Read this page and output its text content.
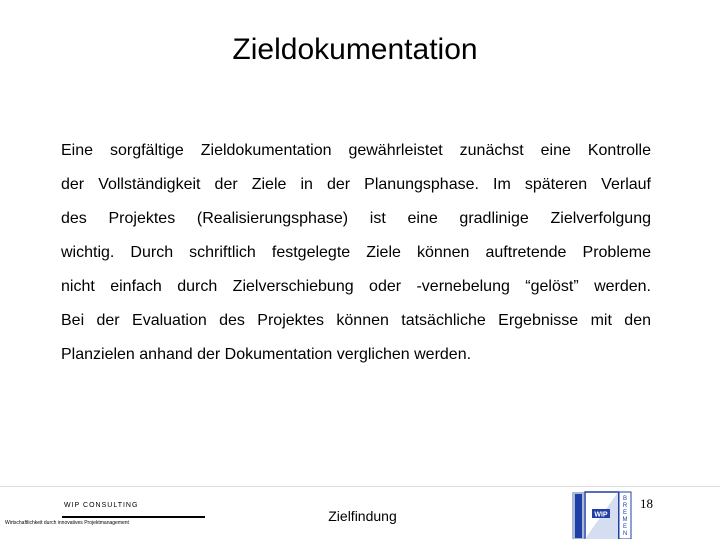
Zieldokumentation
Eine sorgfältige Zieldokumentation gewährleistet zunächst eine Kontrolle
der Vollständigkeit der Ziele in der Planungsphase. Im späteren Verlauf
des Projektes (Realisierungsphase) ist eine gradlinige Zielverfolgung
wichtig. Durch schriftlich festgelegte Ziele können auftretende Probleme
nicht einfach durch Zielverschiebung oder -vernebelung “gelöst” werden.
Bei der Evaluation des Projektes können tatsächliche Ergebnisse mit den
Planzielen anhand der Dokumentation verglichen werden.
WIP CONSULTING
Wirtschaftlichkeit durch innovatives Projektmanagement	Zielfindung	WIP
B
R
E
M
E
N
18
